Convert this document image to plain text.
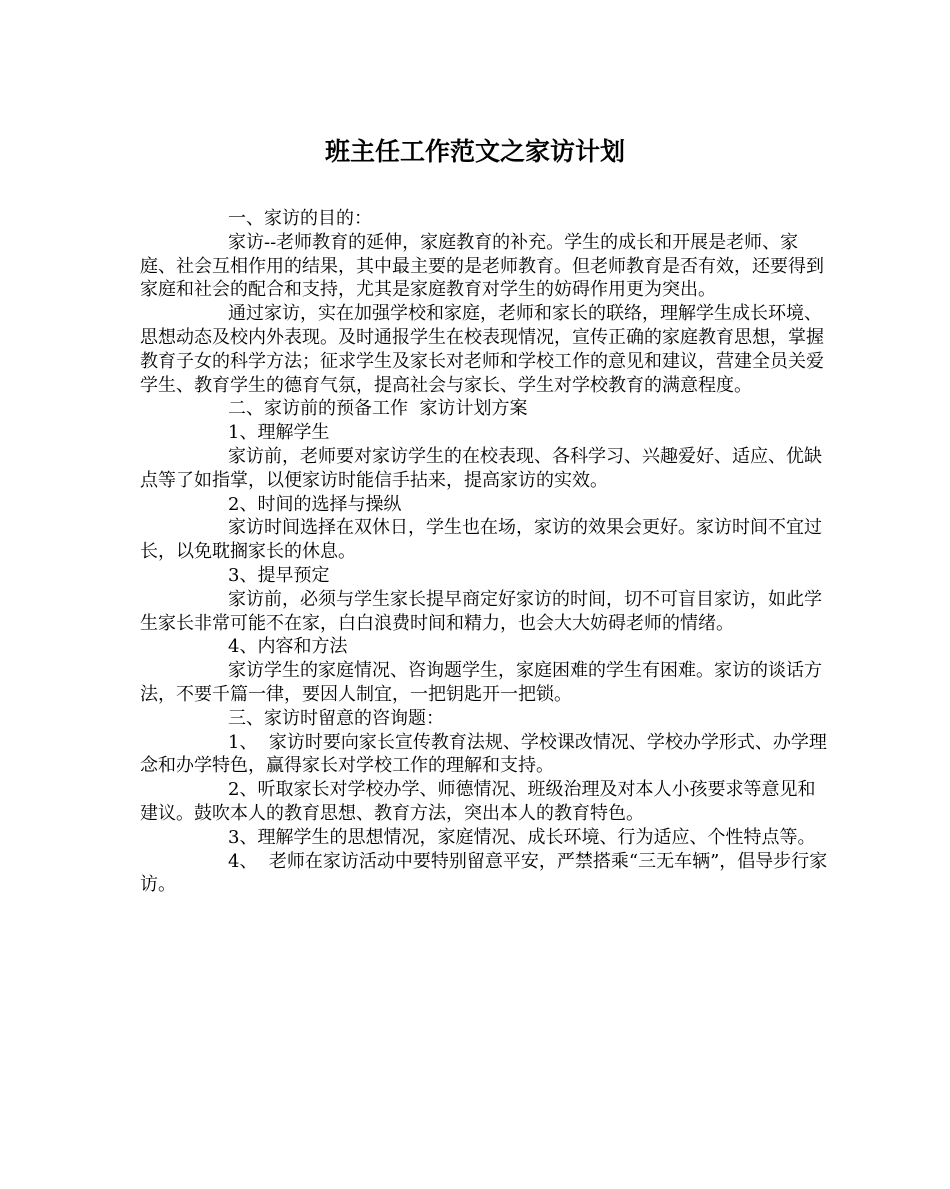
班主任工作范文之家访计划

一、家访的目的：

家访--老师教育的延伸，家庭教育的补充。学生的成长和开展是老师、家庭、社会互相作用的结果，其中最主要的是老师教育。但老师教育是否有效，还要得到家庭和社会的配合和支持，尤其是家庭教育对学生的妨碍作用更为突出。

通过家访，实在加强学校和家庭，老师和家长的联络，理解学生成长环境、思想动态及校内外表现。及时通报学生在校表现情况，宣传正确的家庭教育思想，掌握教育子女的科学方法；征求学生及家长对老师和学校工作的意见和建议，营建全员关爱学生、教育学生的德育气氛，提高社会与家长、学生对学校教育的满意程度。

二、家访前的预备工作  家访计划方案

1、理解学生

家访前，老师要对家访学生的在校表现、各科学习、兴趣爱好、适应、优缺点等了如指掌，以便家访时能信手拈来，提高家访的实效。

2、时间的选择与操纵

家访时间选择在双休日，学生也在场，家访的效果会更好。家访时间不宜过长，以免耽搁家长的休息。

3、提早预定

家访前，必须与学生家长提早商定好家访的时间，切不可盲目家访，如此学生家长非常可能不在家，白白浪费时间和精力，也会大大妨碍老师的情绪。

4、内容和方法

家访学生的家庭情况、咨询题学生，家庭困难的学生有困难。家访的谈话方法，不要千篇一律，要因人制宜，一把钥匙开一把锁。

三、家访时留意的咨询题：

1、  家访时要向家长宣传教育法规、学校课改情况、学校办学形式、办学理念和办学特色，赢得家长对学校工作的理解和支持。

2、听取家长对学校办学、师德情况、班级治理及对本人小孩要求等意见和建议。鼓吹本人的教育思想、教育方法，突出本人的教育特色。

3、理解学生的思想情况，家庭情况、成长环境、行为适应、个性特点等。

4、  老师在家访活动中要特别留意平安，严禁搭乘“三无车辆”，倡导步行家访。
